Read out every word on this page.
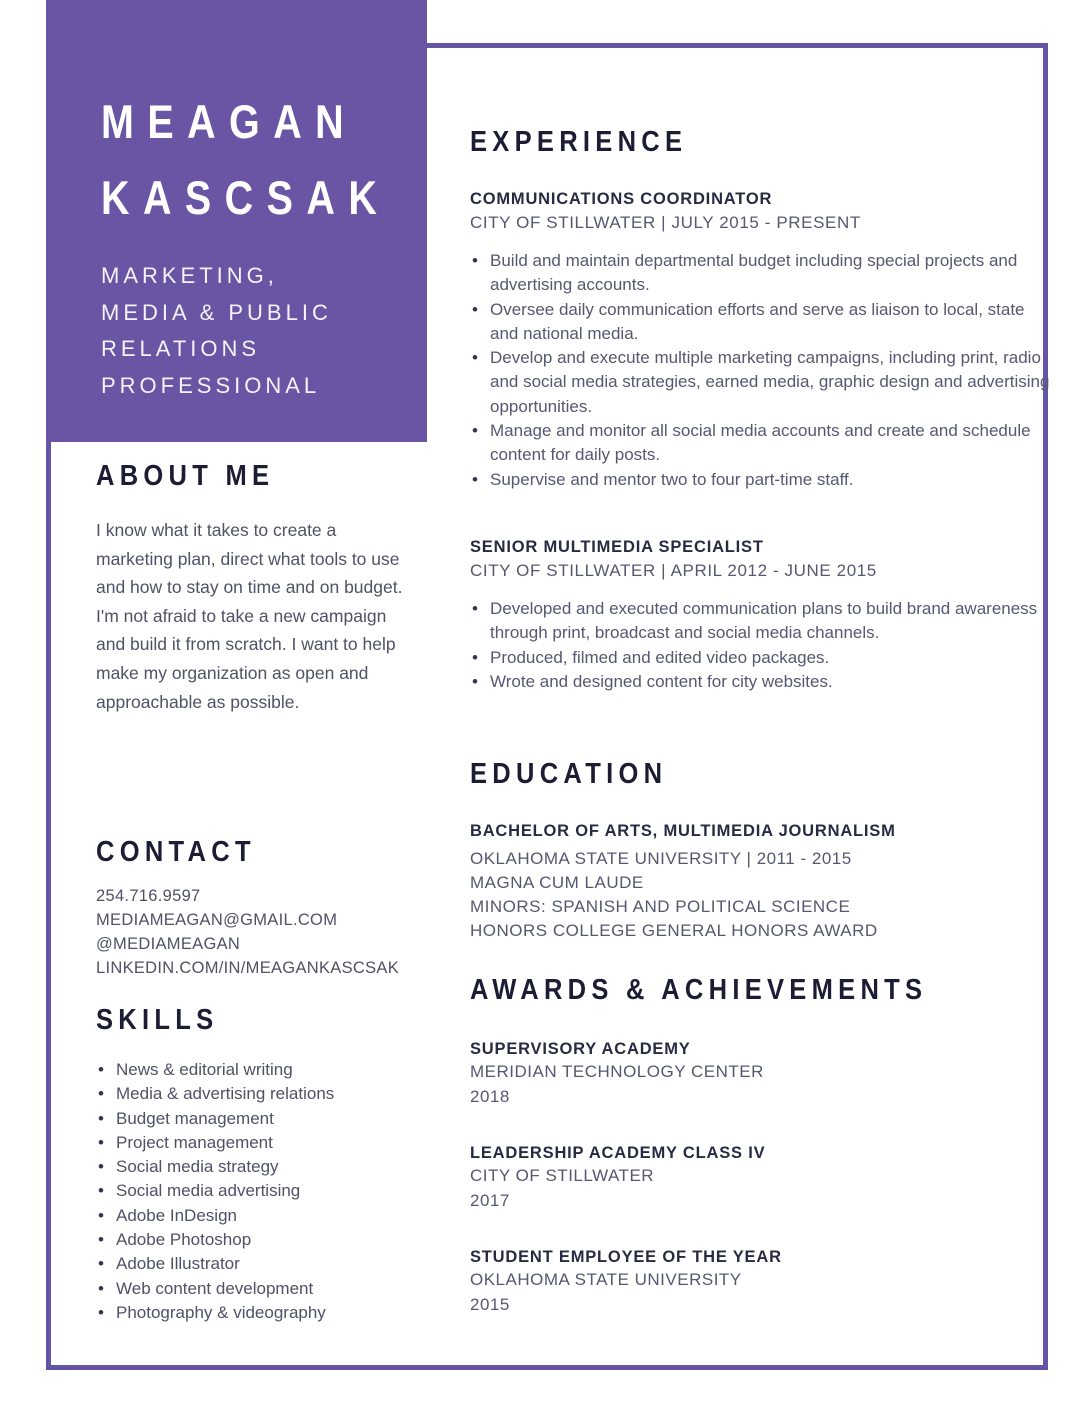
MEAGAN
KASCSAK
MARKETING,
MEDIA & PUBLIC
RELATIONS
PROFESSIONAL
ABOUT ME
I know what it takes to create a marketing plan, direct what tools to use and how to stay on time and on budget. I'm not afraid to take a new campaign and build it from scratch. I want to help make my organization as open and approachable as possible.
CONTACT
254.716.9597
MEDIAMEAGAN@GMAIL.COM
@MEDIAMEAGAN
LINKEDIN.COM/IN/MEAGANKASCSAK
SKILLS
• News & editorial writing
• Media & advertising relations
• Budget management
• Project management
• Social media strategy
• Social media advertising
• Adobe InDesign
• Adobe Photoshop
• Adobe Illustrator
• Web content development
• Photography & videography
EXPERIENCE
COMMUNICATIONS COORDINATOR
CITY OF STILLWATER | JULY 2015 - PRESENT
• Build and maintain departmental budget including special projects and advertising accounts.
• Oversee daily communication efforts and serve as liaison to local, state and national media.
• Develop and execute multiple marketing campaigns, including print, radio and social media strategies, earned media, graphic design and advertising opportunities.
• Manage and monitor all social media accounts and create and schedule content for daily posts.
• Supervise and mentor two to four part-time staff.
SENIOR MULTIMEDIA SPECIALIST
CITY OF STILLWATER | APRIL 2012 - JUNE 2015
• Developed and executed communication plans to build brand awareness through print, broadcast and social media channels.
• Produced, filmed and edited video packages.
• Wrote and designed content for city websites.
EDUCATION
BACHELOR OF ARTS, MULTIMEDIA JOURNALISM
OKLAHOMA STATE UNIVERSITY | 2011 - 2015
MAGNA CUM LAUDE
MINORS: SPANISH AND POLITICAL SCIENCE
HONORS COLLEGE GENERAL HONORS AWARD
AWARDS & ACHIEVEMENTS
SUPERVISORY ACADEMY
MERIDIAN TECHNOLOGY CENTER
2018
LEADERSHIP ACADEMY CLASS IV
CITY OF STILLWATER
2017
STUDENT EMPLOYEE OF THE YEAR
OKLAHOMA STATE UNIVERSITY
2015
